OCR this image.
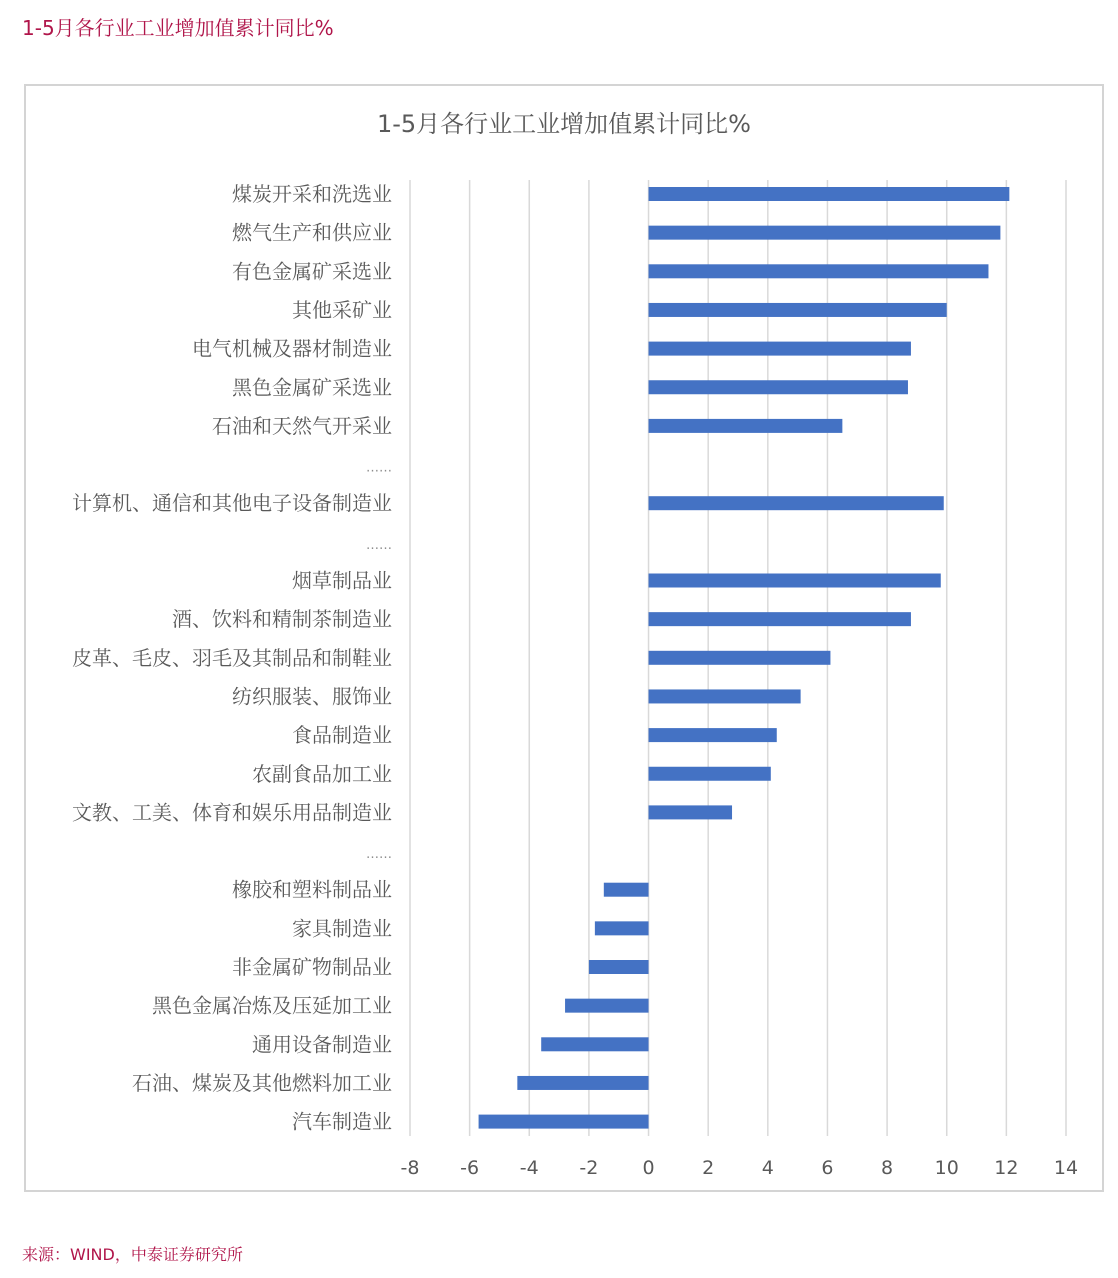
1-5月各行业工业增加值累计同比%
1-5月各行业工业增加值累计同比%
-8 -6 -4 -2 0	2	4	6	8 10 12 14
煤炭开采和洗选业
燃气生产和供应业
有色金属矿采选业
其他采矿业
电气机械及器材制造业
黑色金属矿采选业
石油和天然气开采业
……
计算机、通信和其他电子设备制造业
……
烟草制品业
酒、饮料和精制茶制造业
皮革、毛皮、羽毛及其制品和制鞋业
纺织服装、服饰业
食品制造业
农副食品加工业
文教、工美、体育和娱乐用品制造业
……
橡胶和塑料制品业
家具制造业
非金属矿物制品业
黑色金属冶炼及压延加工业
通用设备制造业
石油、煤炭及其他燃料加工业
汽车制造业
来源：WIND，中泰证券研究所
